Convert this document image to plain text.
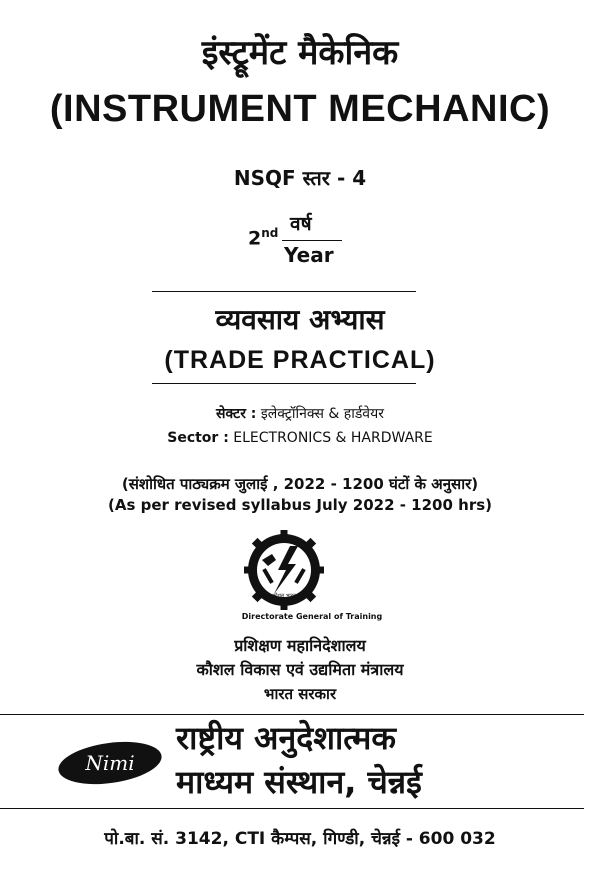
इंस्ट्रूमेंट मैकेनिक
(INSTRUMENT MECHANIC)
NSQF स्तर - 4
2nd वर्ष
Year
व्यवसाय अभ्यास
(TRADE PRACTICAL)
सेक्टर : इलेक्ट्रॉनिक्स & हार्डवेयर
Sector : ELECTRONICS & HARDWARE
(संशोधित पाठ्यक्रम जुलाई , 2022 - 1200 घंटों के अनुसार)
(As per revised syllabus July 2022 - 1200 hrs)
कौशल भारत
Directorate General of Training
प्रशिक्षण महानिदेशालय
कौशल विकास एवं उद्यमिता मंत्रालय
भारत सरकार
Nimi
राष्ट्रीय अनुदेशात्मक
माध्यम संस्थान, चेन्नई
पो.बा. सं. 3142, CTI कैम्पस, गिण्डी, चेन्नई - 600 032
